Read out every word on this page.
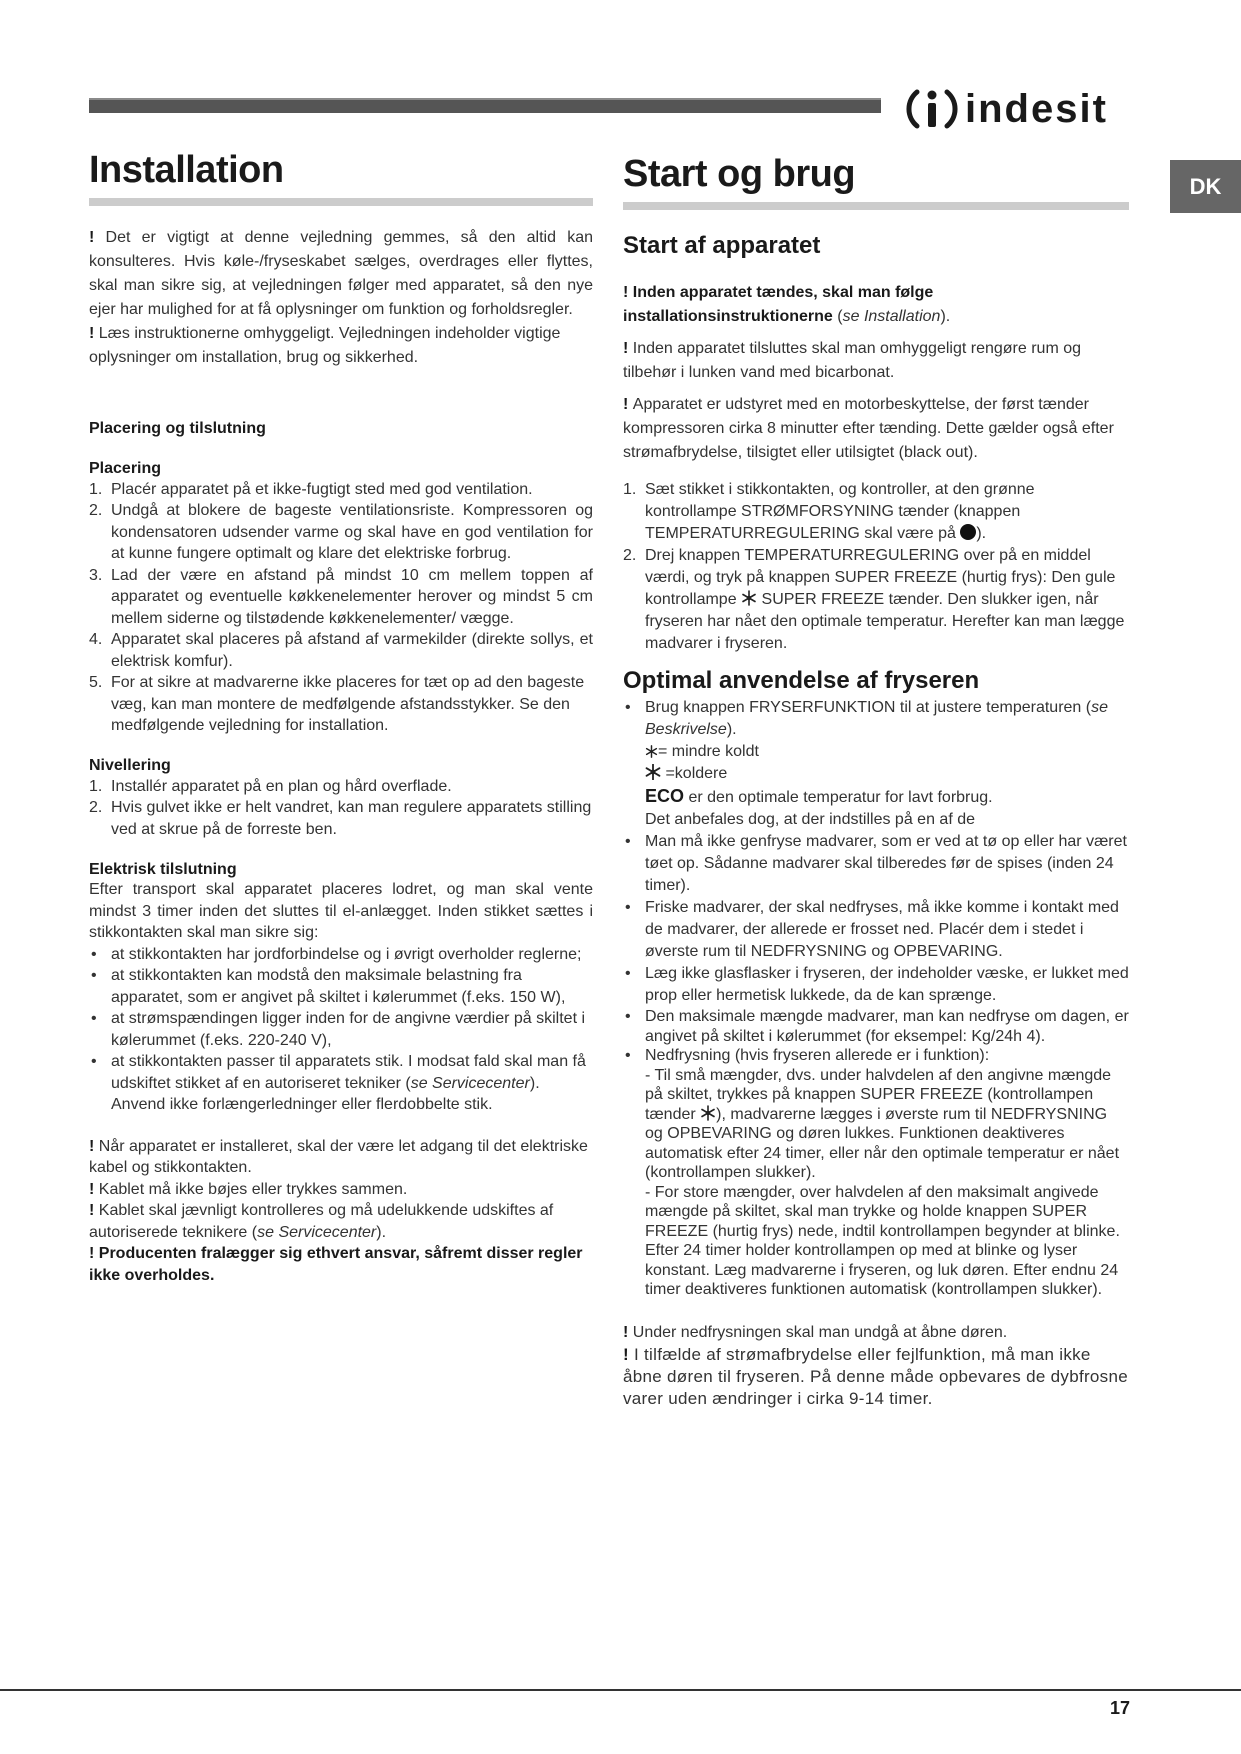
indesit
DK
Installation

! Det er vigtigt at denne vejledning gemmes, så den altid kan konsulteres. Hvis køle-/fryseskabet sælges, overdrages eller flyttes, skal man sikre sig, at vejledningen følger med apparatet, så den nye ejer har mulighed for at få oplysninger om funktion og forholdsregler.

! Læs instruktionerne omhyggeligt. Vejledningen indeholder vigtige oplysninger om installation, brug og sikkerhed.

Placering og tilslutning
Placering
1. Placér apparatet på et ikke-fugtigt sted med god ventilation.
2. Undgå at blokere de bageste ventilationsriste. Kompressoren og kondensatoren udsender varme og skal have en god ventilation for at kunne fungere optimalt og klare det elektriske forbrug.
3. Lad der være en afstand på mindst 10 cm mellem toppen af apparatet og eventuelle køkkenelementer herover og mindst 5 cm mellem siderne og tilstødende køkkenelementer/ vægge.
4. Apparatet skal placeres på afstand af varmekilder (direkte sollys, et elektrisk komfur).
5. For at sikre at madvarerne ikke placeres for tæt op ad den bageste væg, kan man montere de medfølgende afstandsstykker. Se den medfølgende vejledning for installation.
Nivellering
1. Installér apparatet på en plan og hård overflade.
2. Hvis gulvet ikke er helt vandret, kan man regulere apparatets stilling ved at skrue på de forreste ben.
Elektrisk tilslutning

Efter transport skal apparatet placeres lodret, og man skal vente mindst 3 timer inden det sluttes til el-anlægget. Inden stikket sættes i stikkontakten skal man sikre sig:

• at stikkontakten har jordforbindelse og i øvrigt overholder reglerne;
• at stikkontakten kan modstå den maksimale belastning fra apparatet, som er angivet på skiltet i kølerummet (f.eks. 150 W),
• at strømspændingen ligger inden for de angivne værdier på skiltet i kølerummet (f.eks. 220-240 V),
• at stikkontakten passer til apparatets stik. I modsat fald skal man få udskiftet stikket af en autoriseret tekniker (se Servicecenter). Anvend ikke forlængerledninger eller flerdobbelte stik.

! Når apparatet er installeret, skal der være let adgang til det elektriske kabel og stikkontakten.

! Kablet må ikke bøjes eller trykkes sammen.

! Kablet skal jævnligt kontrolleres og må udelukkende udskiftes af autoriserede teknikere (se Servicecenter).

! Producenten fralægger sig ethvert ansvar, såfremt disser regler ikke overholdes.

Start og brug
Start af apparatet

! Inden apparatet tændes, skal man følge installationsinstruktionerne (se Installation).

! Inden apparatet tilsluttes skal man omhyggeligt rengøre rum og tilbehør i lunken vand med bicarbonat.

! Apparatet er udstyret med en motorbeskyttelse, der først tænder kompressoren cirka 8 minutter efter tænding. Dette gælder også efter strømafbrydelse, tilsigtet eller utilsigtet (black out).

1. Sæt stikket i stikkontakten, og kontroller, at den grønne kontrollampe STRØMFORSYNING tænder (knappen TEMPERATURREGULERING skal være på ).
2. Drej knappen TEMPERATURREGULERING over på en middel værdi, og tryk på knappen SUPER FREEZE (hurtig frys): Den gule kontrollampe SUPER FREEZE tænder. Den slukker igen, når fryseren har nået den optimale temperatur. Herefter kan man lægge madvarer i fryseren.
Optimal anvendelse af fryseren
• Brug knappen FRYSERFUNKTION til at justere temperaturen (se Beskrivelse).
= mindre koldt
=koldere
ECO er den optimale temperatur for lavt forbrug.
Det anbefales dog, at der indstilles på en af de
• Man må ikke genfryse madvarer, som er ved at tø op eller har været tøet op. Sådanne madvarer skal tilberedes før de spises (inden 24 timer).
• Friske madvarer, der skal nedfryses, må ikke komme i kontakt med de madvarer, der allerede er frosset ned. Placér dem i stedet i øverste rum til NEDFRYSNING og OPBEVARING.
• Læg ikke glasflasker i fryseren, der indeholder væske, er lukket med prop eller hermetisk lukkede, da de kan sprænge.
• Den maksimale mængde madvarer, man kan nedfryse om dagen, er angivet på skiltet i kølerummet (for eksempel: Kg/24h 4).
• Nedfrysning (hvis fryseren allerede er i funktion):
- Til små mængder, dvs. under halvdelen af den angivne mængde på skiltet, trykkes på knappen SUPER FREEZE (kontrollampen tænder ), madvarerne lægges i øverste rum til NEDFRYSNING og OPBEVARING og døren lukkes. Funktionen deaktiveres automatisk efter 24 timer, eller når den optimale temperatur er nået (kontrollampen slukker).
- For store mængder, over halvdelen af den maksimalt angivede mængde på skiltet, skal man trykke og holde knappen SUPER FREEZE (hurtig frys) nede, indtil kontrollampen begynder at blinke. Efter 24 timer holder kontrollampen op med at blinke og lyser konstant. Læg madvarerne i fryseren, og luk døren. Efter endnu 24 timer deaktiveres funktionen automatisk (kontrollampen slukker).

! Under nedfrysningen skal man undgå at åbne døren.

! I tilfælde af strømafbrydelse eller fejlfunktion, må man ikke åbne døren til fryseren. På denne måde opbevares de dybfrosne varer uden ændringer i cirka 9-14 timer.

17
